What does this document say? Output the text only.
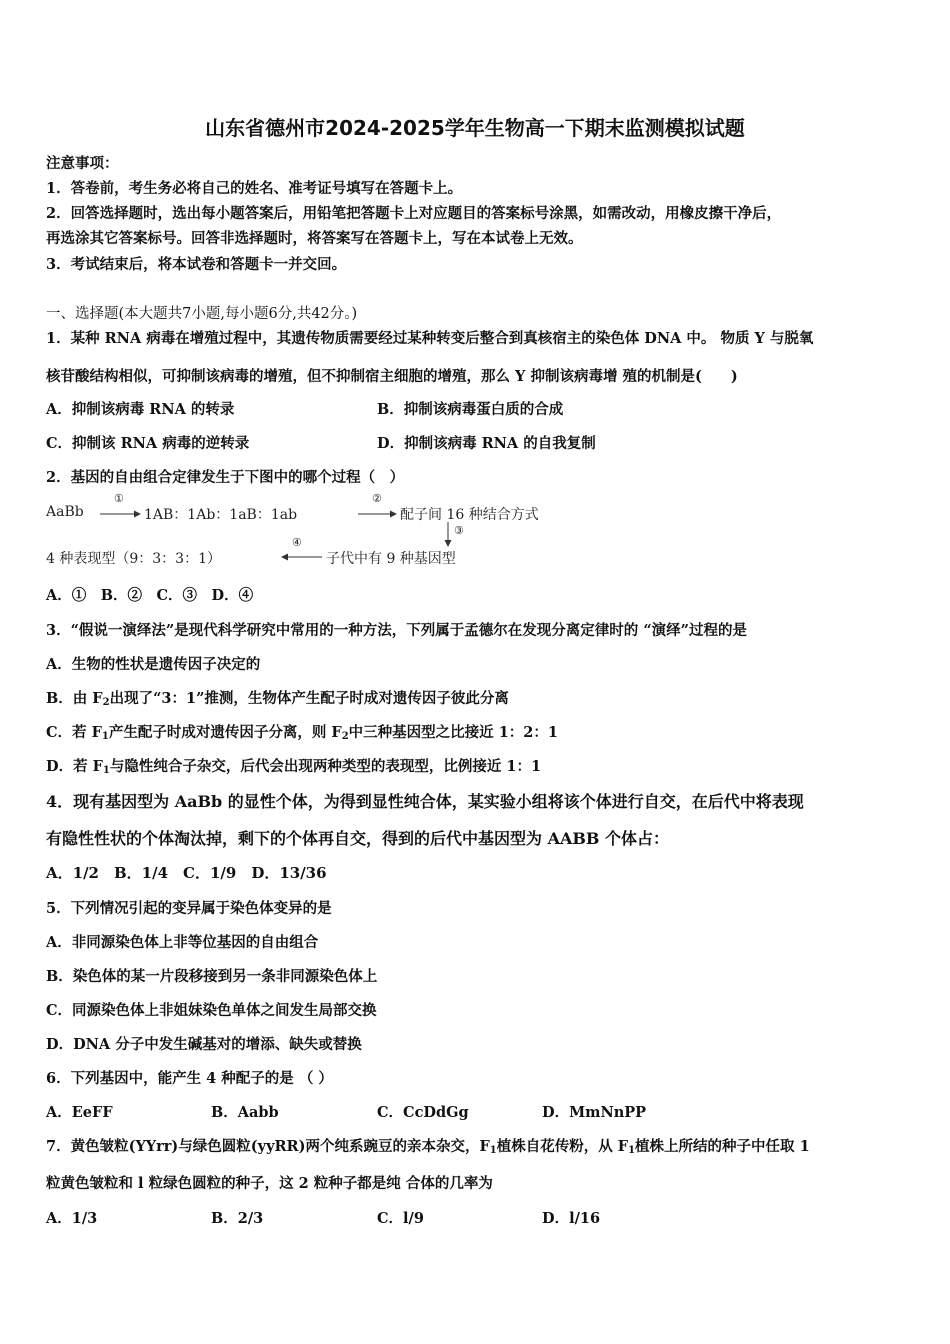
山东省德州市2024-2025学年生物高一下期末监测模拟试题
注意事项：
1．答卷前，考生务必将自己的姓名、准考证号填写在答题卡上。
2．回答选择题时，选出每小题答案后，用铅笔把答题卡上对应题目的答案标号涂黑，如需改动，用橡皮擦干净后，
再选涂其它答案标号。回答非选择题时，将答案写在答题卡上，写在本试卷上无效。
3．考试结束后，将本试卷和答题卡一并交回。
一、选择题(本大题共7小题,每小题6分,共42分。)
1．某种 RNA 病毒在增殖过程中，其遗传物质需要经过某种转变后整合到真核宿主的染色体 DNA 中。 物质 Y 与脱氧
核苷酸结构相似，可抑制该病毒的增殖，但不抑制宿主细胞的增殖，那么 Y 抑制该病毒增 殖的机制是(　　)
A．抑制该病毒 RNA 的转录	B．抑制该病毒蛋白质的合成
C．抑制该 RNA 病毒的逆转录	D．抑制该病毒 RNA 的自我复制
2．基因的自由组合定律发生于下图中的哪个过程（　）
AaBb
①
1AB：1Ab：1aB：1ab
②
配子间 16 种结合方式
③
4 种表现型（9：3：3：1）
④
子代中有 9 种基因型
A．①　B．②　C．③　D．④
3．“假说一演绎法”是现代科学研究中常用的一种方法，下列属于孟德尔在发现分离定律时的 “演绎”过程的是
A．生物的性状是遗传因子决定的
B．由 $F_2$出现了“3：1”推测，生物体产生配子时成对遗传因子彼此分离
C．若 $F_1$产生配子时成对遗传因子分离，则 $F_2$中三种基因型之比接近 1：2：1
D．若 $F_1$与隐性纯合子杂交，后代会出现两种类型的表现型，比例接近 1：1
4．现有基因型为 AaBb 的显性个体，为得到显性纯合体，某实验小组将该个体进行自交，在后代中将表现
有隐性性状的个体淘汰掉，剩下的个体再自交，得到的后代中基因型为 AABB 个体占：
A．1/2　B．1/4　C．1/9　D．13/36
5．下列情况引起的变异属于染色体变异的是
A．非同源染色体上非等位基因的自由组合
B．染色体的某一片段移接到另一条非同源染色体上
C．同源染色体上非姐妹染色单体之间发生局部交换
D．DNA 分子中发生碱基对的增添、缺失或替换
6．下列基因中，能产生 4 种配子的是 （ ）
A．EeFF	B．Aabb	C．CcDdGg	D．MmNnPP
7．黄色皱粒(YYrr)与绿色圆粒(yyRR)两个纯系豌豆的亲本杂交，$F_1$植株自花传粉，从 $F_1$植株上所结的种子中任取 1
粒黄色皱粒和 l 粒绿色圆粒的种子，这 2 粒种子都是纯 合体的几率为
A．1/3	B．2/3	C．l/9	D．l/16
